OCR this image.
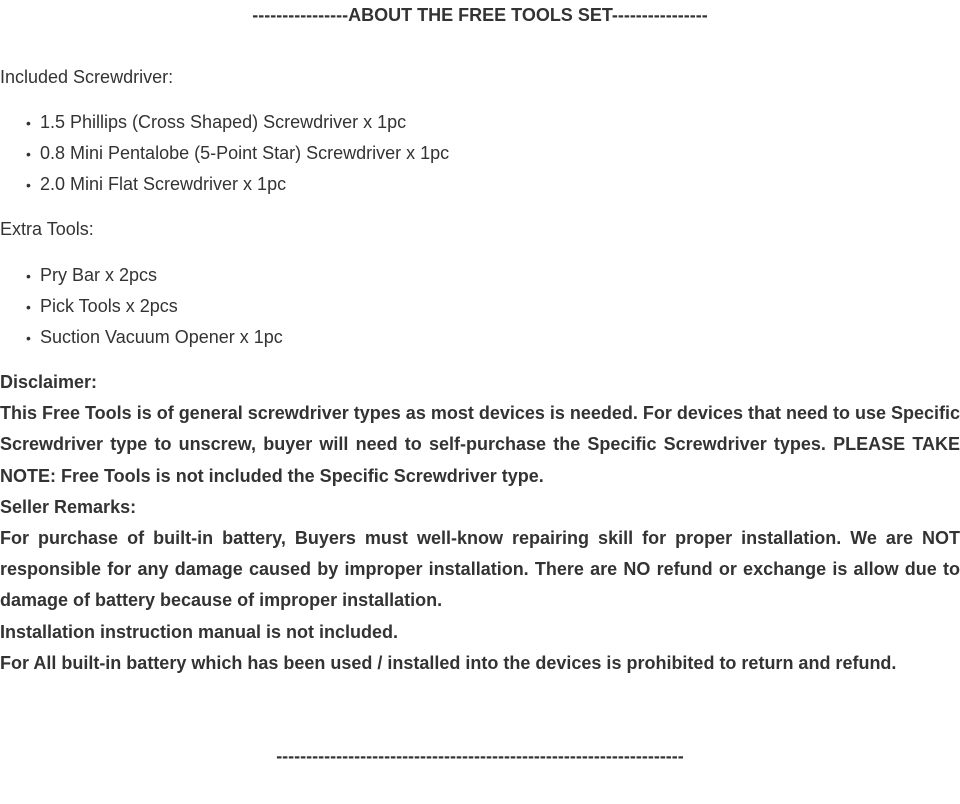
----------------ABOUT THE FREE TOOLS SET----------------
Included Screwdriver:
• 1.5 Phillips (Cross Shaped) Screwdriver x 1pc
• 0.8 Mini Pentalobe (5-Point Star) Screwdriver x 1pc
• 2.0 Mini Flat Screwdriver x 1pc
Extra Tools:
• Pry Bar x 2pcs
• Pick Tools x 2pcs
• Suction Vacuum Opener x 1pc

Disclaimer:

This Free Tools is of general screwdriver types as most devices is needed. For devices that need to use Specific Screwdriver type to unscrew, buyer will need to self-purchase the Specific Screwdriver types. PLEASE TAKE NOTE: Free Tools is not included the Specific Screwdriver type.

Seller Remarks:

For purchase of built-in battery, Buyers must well-know repairing skill for proper installation. We are NOT responsible for any damage caused by improper installation. There are NO refund or exchange is allow due to damage of battery because of improper installation.

Installation instruction manual is not included.

For All built-in battery which has been used / installed into the devices is prohibited to return and refund.

--------------------------------------------------------------------
